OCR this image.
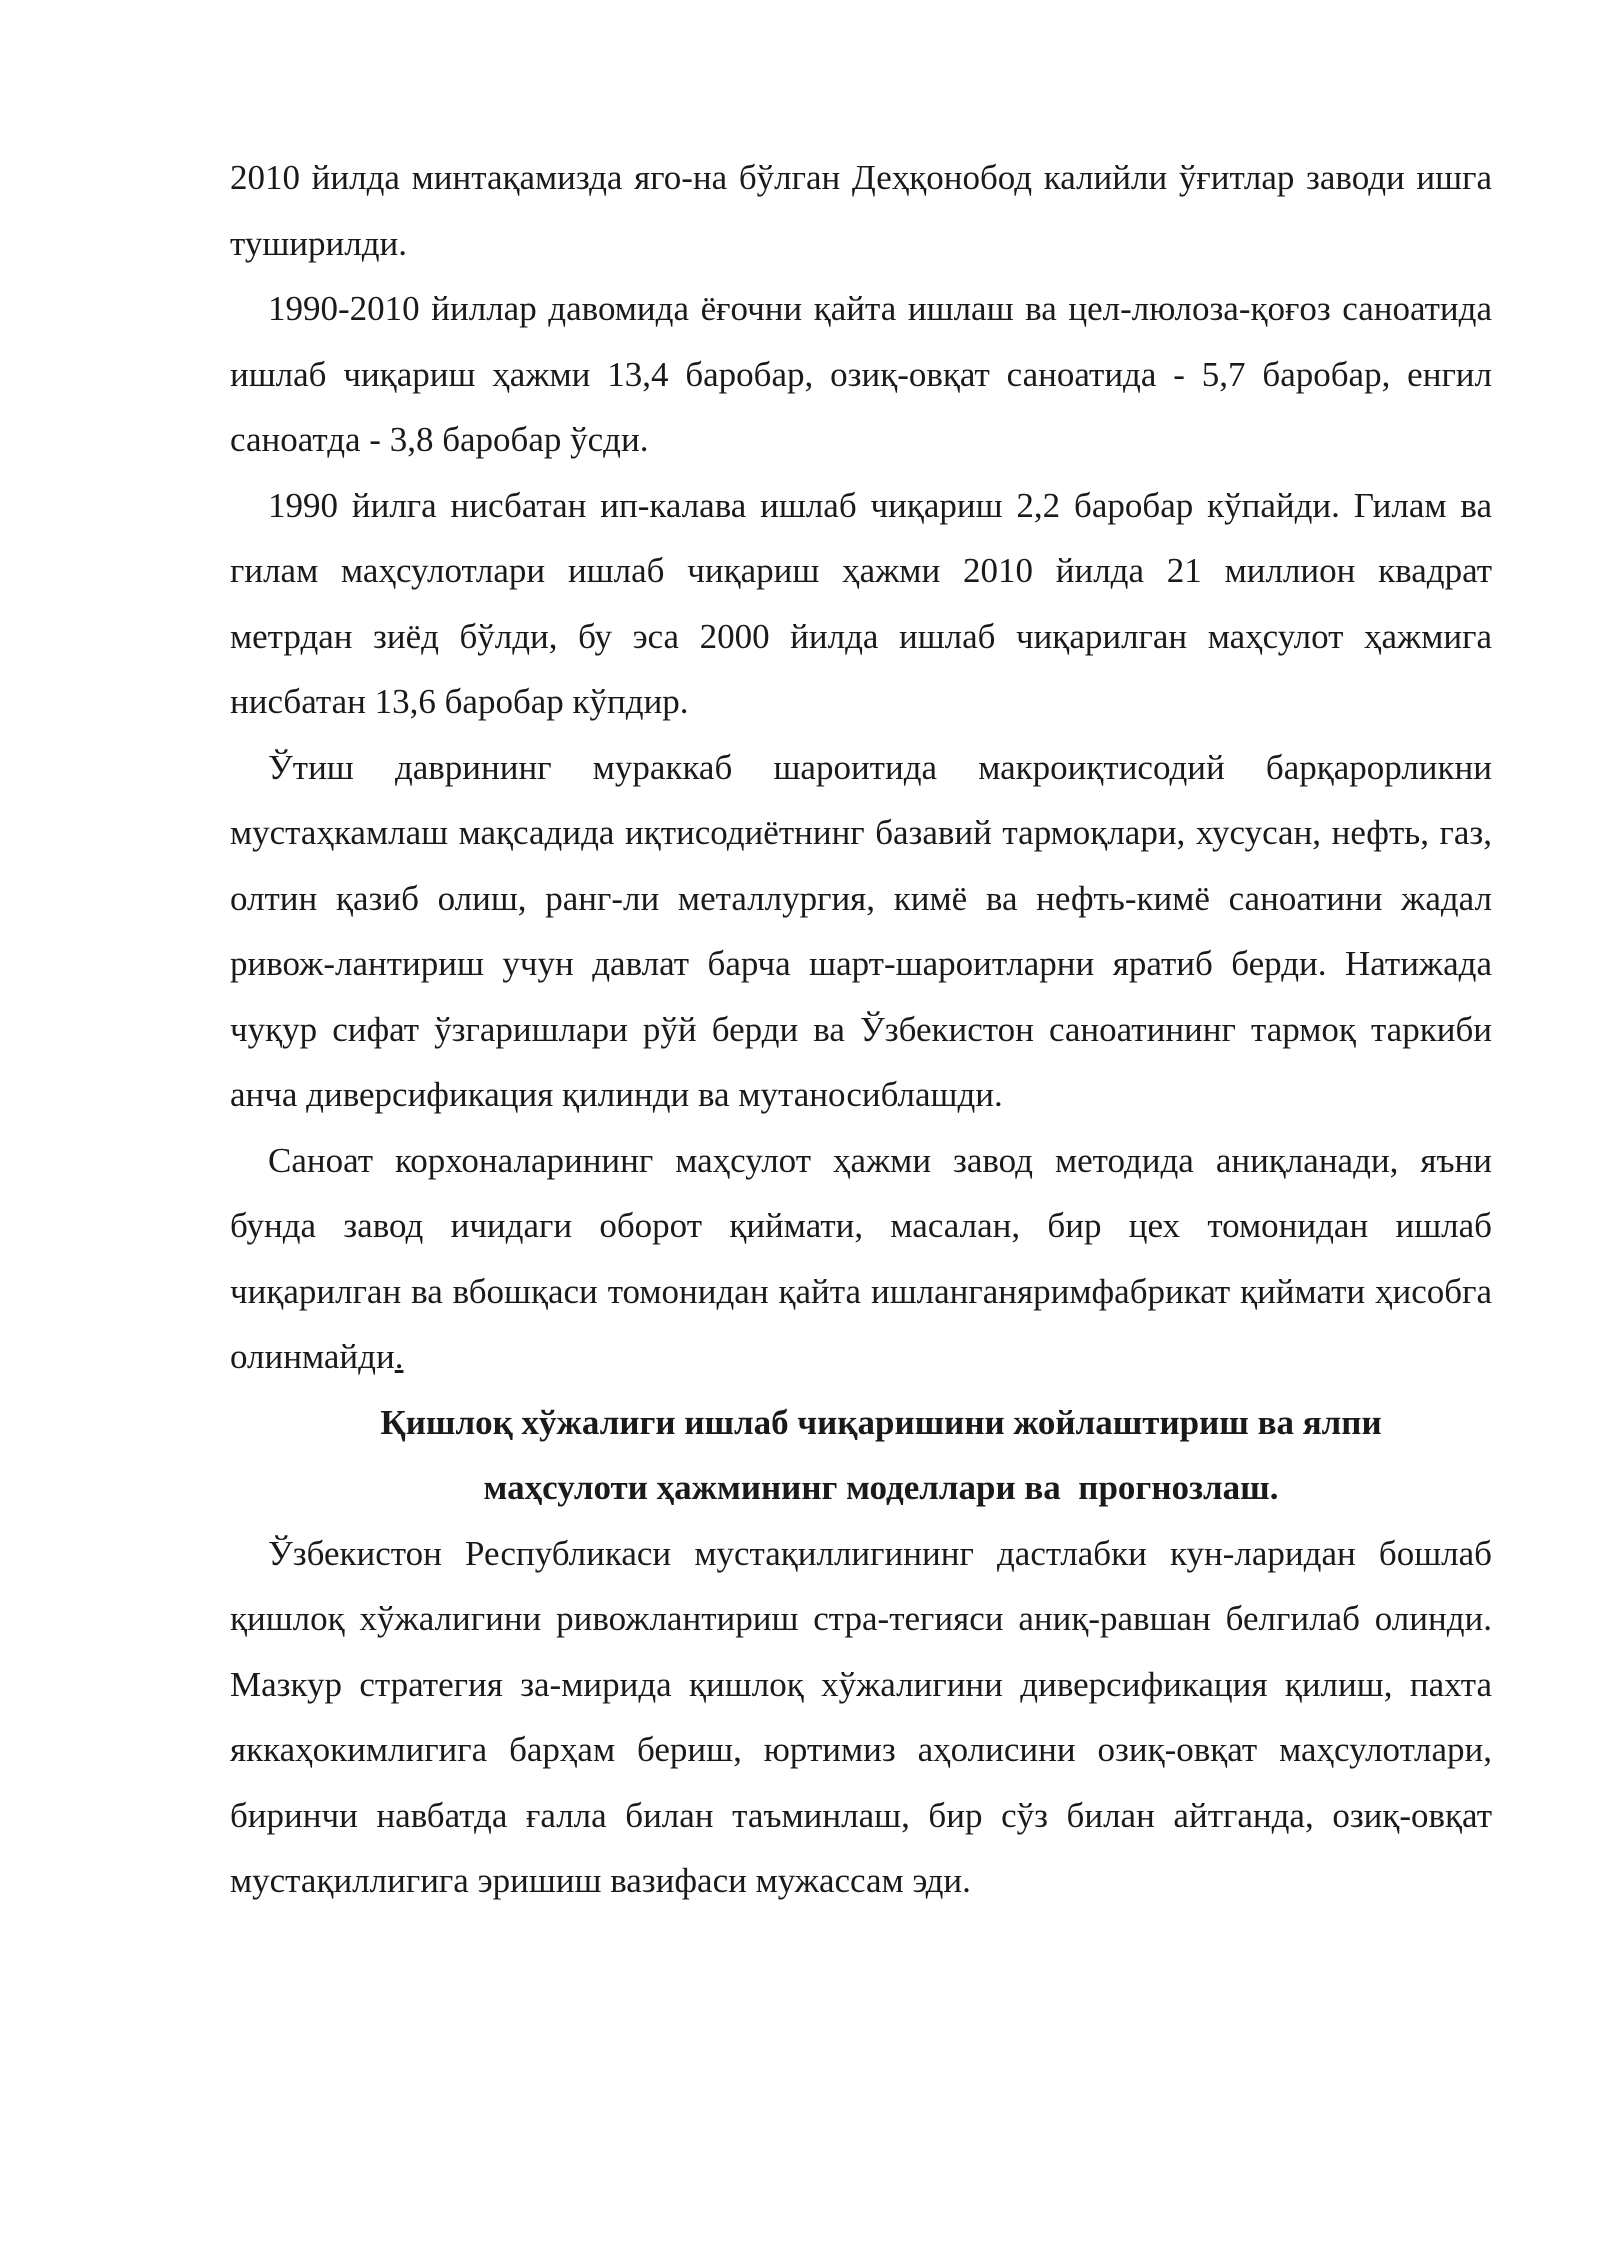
2010 йилда минтақамизда яго-на бўлган Деҳқонобод калийли ўғитлар заводи ишга туширилди.

1990-2010 йиллар давомида ёғочни қайта ишлаш ва цел-люлоза-қоғоз саноатида ишлаб чиқариш ҳажми 13,4 баробар, озиқ-овқат саноатида - 5,7 баробар, енгил саноатда - 3,8 баробар ўсди.

1990 йилга нисбатан ип-калава ишлаб чиқариш 2,2 баробар кўпайди. Гилам ва гилам маҳсулотлари ишлаб чиқариш ҳажми 2010 йилда 21 миллион квадрат метрдан зиёд бўлди, бу эса 2000 йилда ишлаб чиқарилган маҳсулот ҳажмига нисбатан 13,6 баробар кўпдир.

Ўтиш даврининг мураккаб шароитида макроиқтисодий барқарорликни мустаҳкамлаш мақсадида иқтисодиётнинг базавий тармоқлари, хусусан, нефть, газ, олтин қазиб олиш, ранг-ли металлургия, кимё ва нефть-кимё саноатини жадал ривож-лантириш учун давлат барча шарт-шароитларни яратиб берди. Натижада чуқур сифат ўзгаришлари рўй берди ва Ўзбекистон саноатининг тармоқ таркиби анча диверсификация қилинди ва мутаносиблашди.

Саноат корхоналарининг маҳсулот ҳажми завод методида аниқланади, яъни бунда завод ичидаги оборот қиймати, масалан, бир цех томонидан ишлаб чиқарилган ва вбошқаси томонидан қайта ишланганяримфабрикат қиймати ҳисобга олинмайди.

Қишлоқ хўжалиги ишлаб чиқаришини жойлаштириш ва ялпи
маҳсулоти ҳажмининг моделлари ва  прогнозлаш.

Ўзбекистон Республикаси мустақиллигининг дастлабки кун-ларидан бошлаб қишлоқ хўжалигини ривожлантириш стра-тегияси аниқ-равшан белгилаб олинди. Мазкур стратегия за-мирида қишлоқ хўжалигини диверсификация қилиш, пахта яккаҳокимлигига барҳам бериш, юртимиз аҳолисини озиқ-овқат маҳсулотлари, биринчи навбатда ғалла билан таъминлаш, бир сўз билан айтганда, озиқ-овқат мустақиллигига эришиш вазифаси мужассам эди.
